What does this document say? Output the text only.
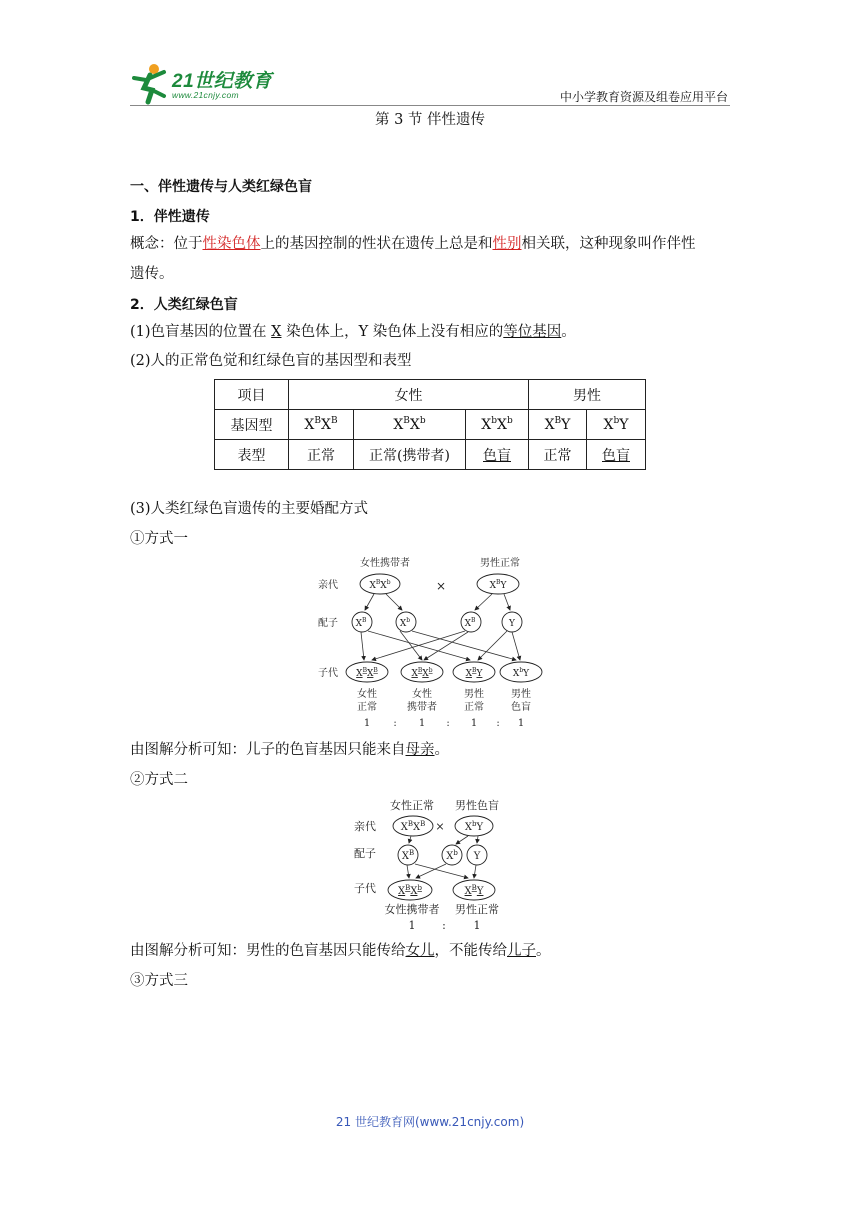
21世纪教育
www.21cnjy.com	中小学教育资源及组卷应用平台
第 3 节 伴性遗传
一、伴性遗传与人类红绿色盲
1．伴性遗传
概念：位于性染色体上的基因控制的性状在遗传上总是和性别相关联，这种现象叫作伴性
遗传。
2．人类红绿色盲
(1)色盲基因的位置在 X 染色体上，Y 染色体上没有相应的等位基因。
(2)人的正常色觉和红绿色盲的基因型和表型
项目	女性			男性	
基因型	$X^BX^B$	$X^BX^b$	$X^bX^b$	$X^BY$	$X^bY$
表型	正常	正常(携带者)	色盲	正常	色盲
(3)人类红绿色盲遗传的主要婚配方式
①方式一
女性携带者	男性正常
亲代
配子
子代
×
$X^BX^b$	$X^BY$
$X^B$	$X^b$	$X^B$	Y
$X^BX^B$	$X^BX^b$	$X^BY$	$X^bY$
女性
正常
女性
携带者
男性
正常
男性
色盲
1 : 1 : 1 : 1
由图解分析可知：儿子的色盲基因只能来自母亲。
②方式二
女性正常 男性色盲
亲代
配子
子代
×
$X^BX^B$	$X^bY$
$X^B$	$X^b$ Y
$X^BX^b$	$X^BY$
女性携带者 男性正常
1 :	1
由图解分析可知：男性的色盲基因只能传给女儿，不能传给儿子。
③方式三
21 世纪教育网(www.21cnjy.com)
